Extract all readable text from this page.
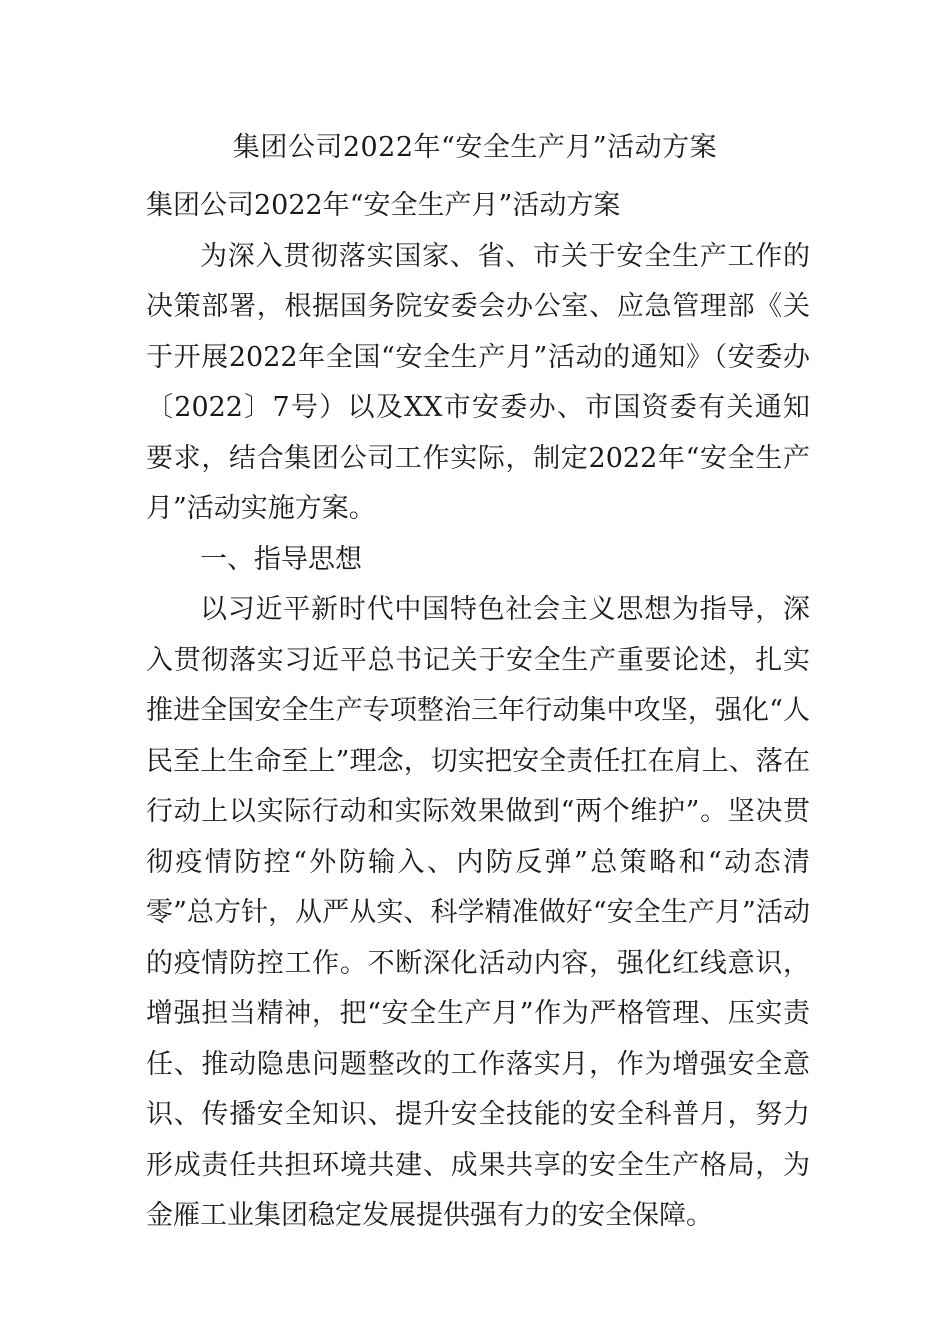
集团公司2022年“安全生产月”活动方案

集团公司2022年“安全生产月”活动方案

为深入贯彻落实国家、省、市关于安全生产工作的决策部署，根据国务院安委会办公室、应急管理部《关于开展2022年全国“安全生产月”活动的通知》（安委办〔2022〕7号）以及XX市安委办、市国资委有关通知要求，结合集团公司工作实际，制定2022年“安全生产月”活动实施方案。

一、指导思想

以习近平新时代中国特色社会主义思想为指导，深入贯彻落实习近平总书记关于安全生产重要论述，扎实推进全国安全生产专项整治三年行动集中攻坚，强化“人民至上生命至上”理念，切实把安全责任扛在肩上、落在行动上以实际行动和实际效果做到“两个维护”。坚决贯彻疫情防控“外防输入、内防反弹”总策略和“动态清零”总方针，从严从实、科学精准做好“安全生产月”活动的疫情防控工作。不断深化活动内容，强化红线意识，增强担当精神，把“安全生产月”作为严格管理、压实责任、推动隐患问题整改的工作落实月，作为增强安全意识、传播安全知识、提升安全技能的安全科普月，努力形成责任共担环境共建、成果共享的安全生产格局，为金雁工业集团稳定发展提供强有力的安全保障。
